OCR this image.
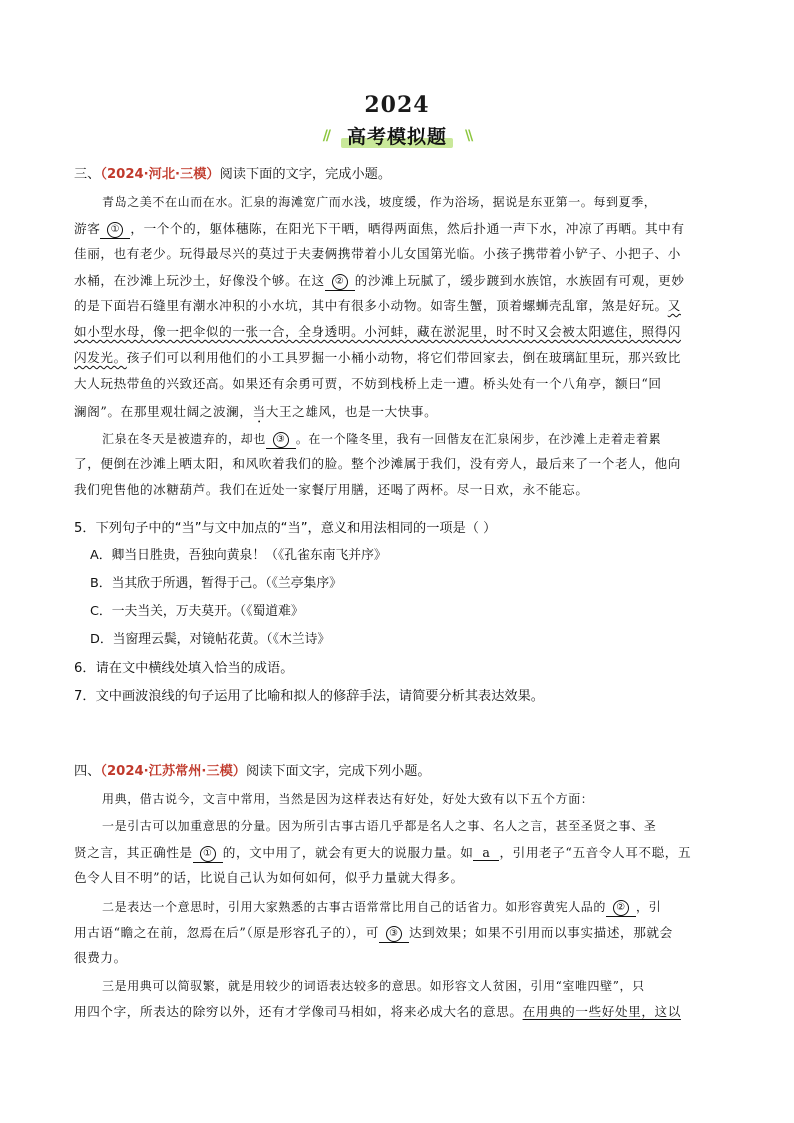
2024
// 高考模拟题	\\
三、（2024·河北·三模）阅读下面的文字，完成小题。
青岛之美不在山而在水。汇泉的海滩宽广而水浅，坡度缓，作为浴场，据说是东亚第一。每到夏季，
游客 ① ，一个个的，躯体穗陈，在阳光下干晒，晒得两面焦，然后扑通一声下水，冲凉了再晒。其中有
佳丽，也有老少。玩得最尽兴的莫过于夫妻俩携带着小儿女国第光临。小孩子携带着小铲子、小把子、小
水桶，在沙滩上玩沙土，好像没个够。在这 ② 的沙滩上玩腻了，缓步踱到水族馆，水族固有可观，更妙
的是下面岩石缝里有潮水冲积的小水坑，其中有很多小动物。如寄生蟹，顶着螺蛳壳乱窜，煞是好玩。又
如小型水母，像一把伞似的一张一合，全身透明。小河蚌，藏在淤泥里，时不时又会被太阳遮住，照得闪
闪发光。孩子们可以利用他们的小工具罗掘一小桶小动物，将它们带回家去，倒在玻璃缸里玩，那兴致比
大人玩热带鱼的兴致还高。如果还有余勇可贾，不妨到栈桥上走一遭。桥头处有一个八角亭，额曰“回
澜阁”。在那里观壮阔之波澜，当大王之雄风，也是一大快事。
汇泉在冬天是被遗弃的，却也 ③ 。在一个隆冬里，我有一回偕友在汇泉闲步，在沙滩上走着走着累
了，便倒在沙滩上晒太阳，和风吹着我们的脸。整个沙滩属于我们，没有旁人，最后来了一个老人，他向
我们兜售他的冰糖葫芦。我们在近处一家餐厅用膳，还喝了两杯。尽一日欢，永不能忘。
5．下列句子中的“当”与文中加点的“当”，意义和用法相同的一项是（ ）
A．卿当日胜贵，吾独向黄泉！（《孔雀东南飞并序》
B．当其欣于所遇，暂得于己。（《兰亭集序》
C．一夫当关，万夫莫开。（《蜀道难》
D．当窗理云鬓，对镜帖花黄。（《木兰诗》
6．请在文中横线处填入恰当的成语。
7．文中画波浪线的句子运用了比喻和拟人的修辞手法，请简要分析其表达效果。
四、（2024·江苏常州·三模）阅读下面文字，完成下列小题。
用典，借古说今，文言中常用，当然是因为这样表达有好处，好处大致有以下五个方面：
一是引古可以加重意思的分量。因为所引古事古语几乎都是名人之事、名人之言，甚至圣贤之事、圣
贤之言，其正确性是 ① 的，文中用了，就会有更大的说服力量。如 a ，引用老子“五音令人耳不聪，五
色令人目不明”的话，比说自己认为如何如何，似乎力量就大得多。
二是表达一个意思时，引用大家熟悉的古事古语常常比用自己的话省力。如形容黄宪人品的 ② ，引
用古语“瞻之在前，忽焉在后”（原是形容孔子的），可 ③ 达到效果；如果不引用而以事实描述，那就会
很费力。
三是用典可以简驭繁，就是用较少的词语表达较多的意思。如形容文人贫困，引用“室唯四壁”，只
用四个字，所表达的除穷以外，还有才学像司马相如，将来必成大名的意思。在用典的一些好处里，这以
